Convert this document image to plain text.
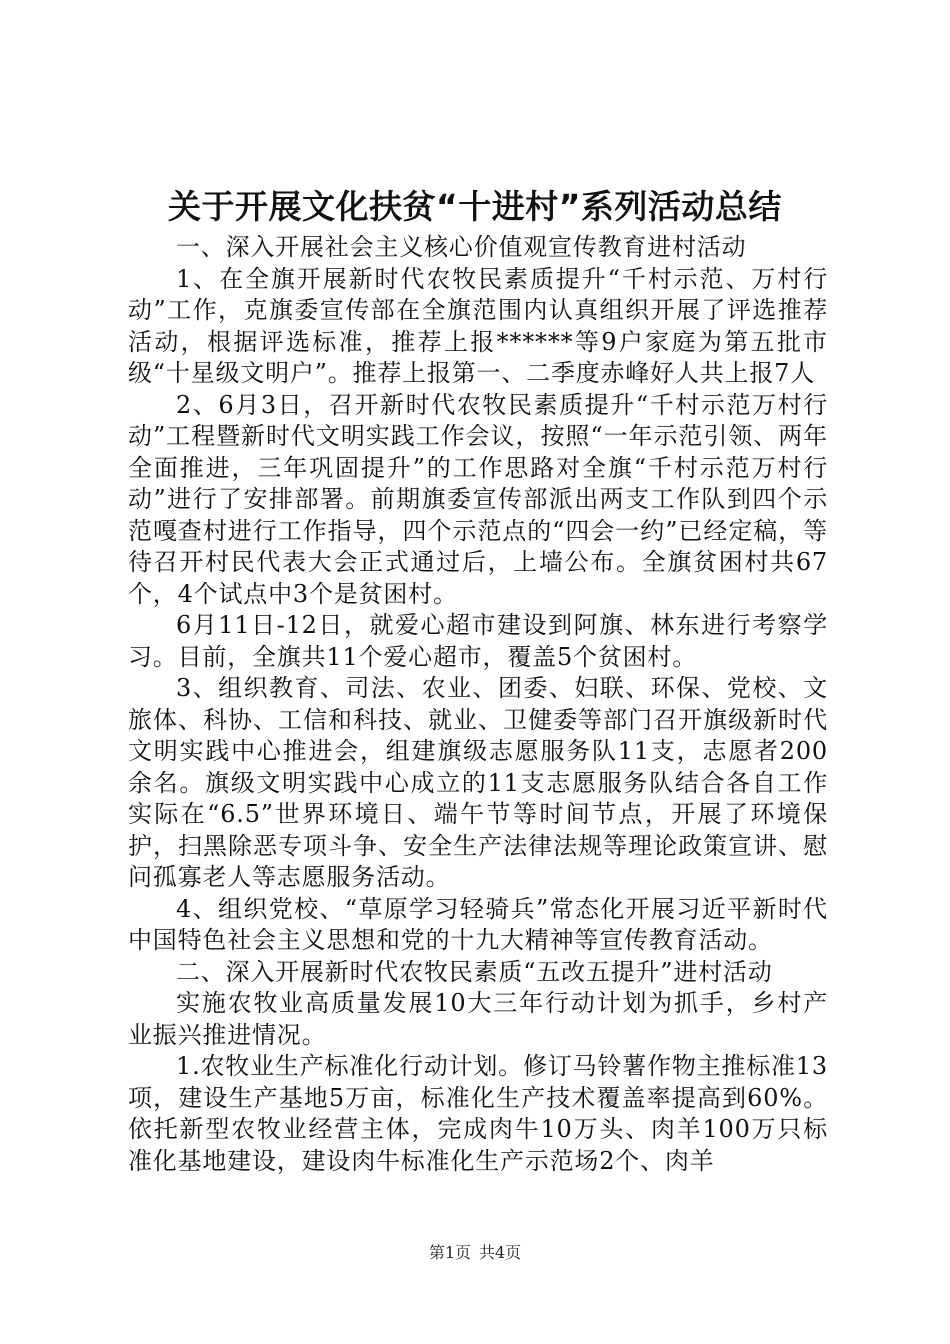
关于开展文化扶贫“十进村”系列活动总结

一、深入开展社会主义核心价值观宣传教育进村活动

1、在全旗开展新时代农牧民素质提升“千村示范、万村行动”工作，克旗委宣传部在全旗范围内认真组织开展了评选推荐活动，根据评选标准，推荐上报******等9户家庭为第五批市级“十星级文明户”。推荐上报第一、二季度赤峰好人共上报7人

2、6月3日，召开新时代农牧民素质提升“千村示范万村行动”工程暨新时代文明实践工作会议，按照“一年示范引领、两年全面推进，三年巩固提升”的工作思路对全旗“千村示范万村行动”进行了安排部署。前期旗委宣传部派出两支工作队到四个示范嘎查村进行工作指导，四个示范点的“四会一约”已经定稿，等待召开村民代表大会正式通过后，上墙公布。全旗贫困村共67个，4个试点中3个是贫困村。

6月11日-12日，就爱心超市建设到阿旗、林东进行考察学习。目前，全旗共11个爱心超市，覆盖5个贫困村。

3、组织教育、司法、农业、团委、妇联、环保、党校、文旅体、科协、工信和科技、就业、卫健委等部门召开旗级新时代文明实践中心推进会，组建旗级志愿服务队11支，志愿者200余名。旗级文明实践中心成立的11支志愿服务队结合各自工作实际在“6.5”世界环境日、端午节等时间节点，开展了环境保护，扫黑除恶专项斗争、安全生产法律法规等理论政策宣讲、慰问孤寡老人等志愿服务活动。

4、组织党校、“草原学习轻骑兵”常态化开展习近平新时代中国特色社会主义思想和党的十九大精神等宣传教育活动。

二、深入开展新时代农牧民素质“五改五提升”进村活动

实施农牧业高质量发展10大三年行动计划为抓手，乡村产业振兴推进情况。

1.农牧业生产标准化行动计划。修订马铃薯作物主推标准13项，建设生产基地5万亩，标准化生产技术覆盖率提高到60%。依托新型农牧业经营主体，完成肉牛10万头、肉羊100万只标准化基地建设，建设肉牛标准化生产示范场2个、肉羊

第1页 共4页
